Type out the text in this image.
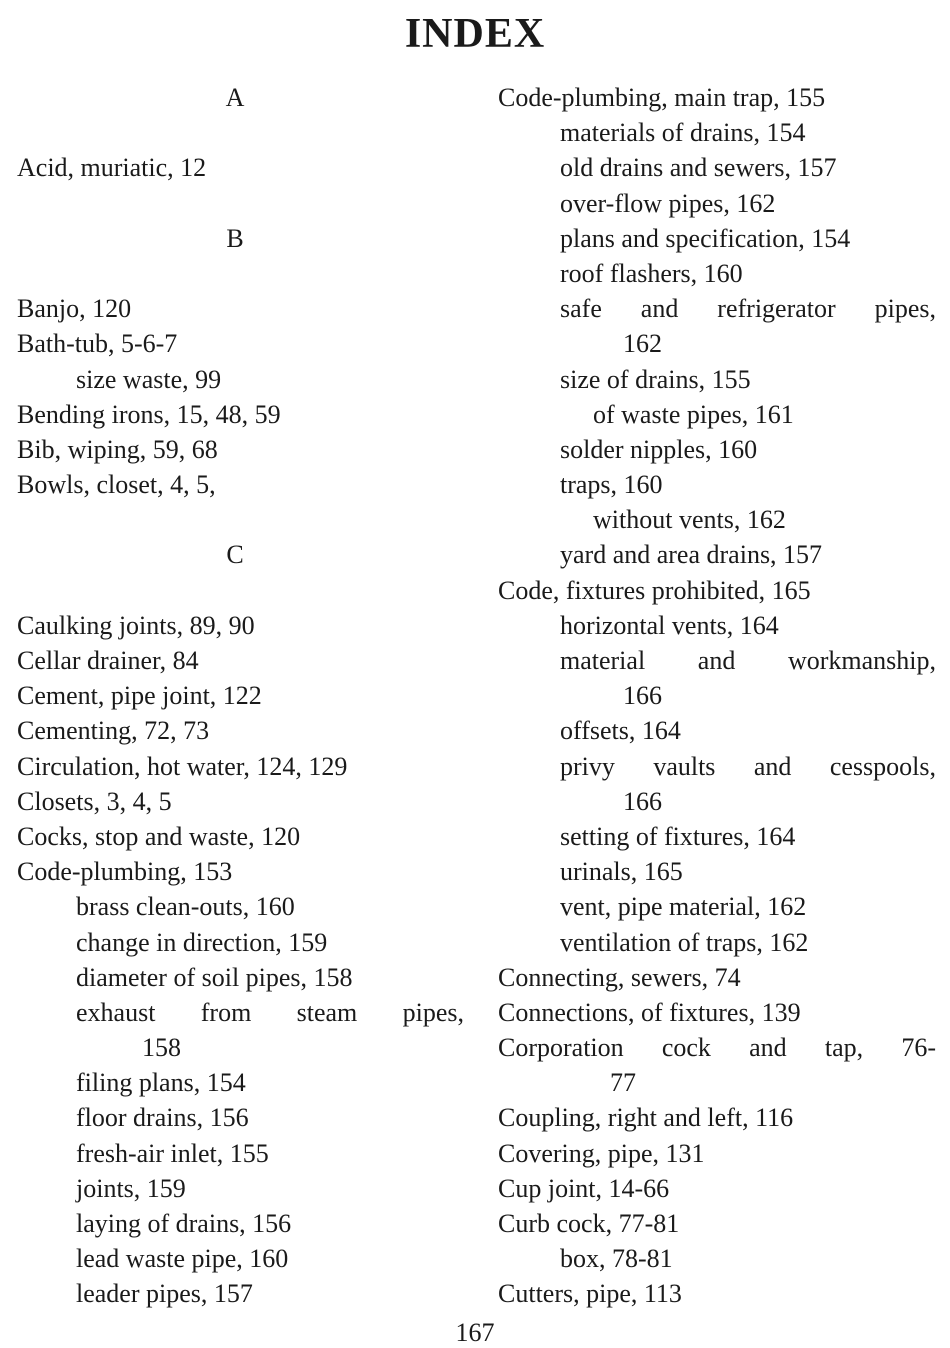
INDEX
A
Acid, muriatic, 12
B
Banjo, 120
Bath-tub, 5-6-7
size waste, 99
Bending irons, 15, 48, 59
Bib, wiping, 59, 68
Bowls, closet, 4, 5,
C
Caulking joints, 89, 90
Cellar drainer, 84
Cement, pipe joint, 122
Cementing, 72, 73
Circulation, hot water, 124, 129
Closets, 3, 4, 5
Cocks, stop and waste, 120
Code-plumbing, 153
brass clean-outs, 160
change in direction, 159
diameter of soil pipes, 158
exhaust from steam pipes,
158
filing plans, 154
floor drains, 156
fresh-air inlet, 155
joints, 159
laying of drains, 156
lead waste pipe, 160
leader pipes, 157
Code-plumbing, main trap, 155
materials of drains, 154
old drains and sewers, 157
over-flow pipes, 162
plans and specification, 154
roof flashers, 160
safe and refrigerator pipes,
162
size of drains, 155
of waste pipes, 161
solder nipples, 160
traps, 160
without vents, 162
yard and area drains, 157
Code, fixtures prohibited, 165
horizontal vents, 164
material and workmanship,
166
offsets, 164
privy vaults and cesspools,
166
setting of fixtures, 164
urinals, 165
vent, pipe material, 162
ventilation of traps, 162
Connecting, sewers, 74
Connections, of fixtures, 139
Corporation cock and tap, 76-
77
Coupling, right and left, 116
Covering, pipe, 131
Cup joint, 14-66
Curb cock, 77-81
box, 78-81
Cutters, pipe, 113
167
